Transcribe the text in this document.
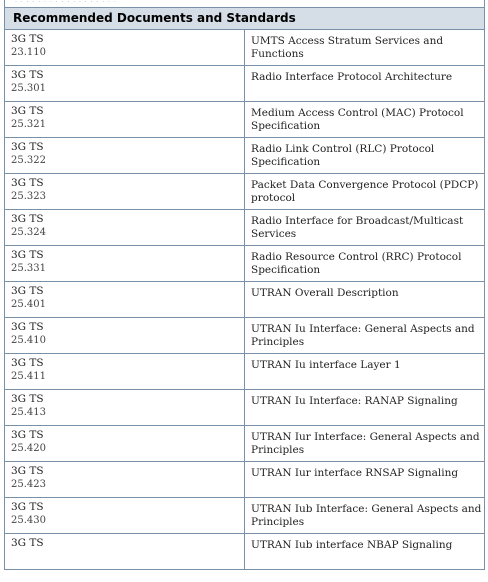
· · · · · · · · · · · · · · · · · ·
Recommended Documents and Standards	

3G TS
23.110	UMTS Access Stratum Services and Functions

3G TS
25.301	Radio Interface Protocol Architecture

3G TS
25.321	Medium Access Control (MAC) Protocol Specification

3G TS
25.322	Radio Link Control (RLC) Protocol Specification

3G TS
25.323	Packet Data Convergence Protocol (PDCP) protocol

3G TS
25.324	Radio Interface for Broadcast/Multicast Services

3G TS
25.331	Radio Resource Control (RRC) Protocol Specification

3G TS
25.401	UTRAN Overall Description

3G TS
25.410	UTRAN Iu Interface: General Aspects and Principles

3G TS
25.411	UTRAN Iu interface Layer 1

3G TS
25.413	UTRAN Iu Interface: RANAP Signaling

3G TS
25.420	UTRAN Iur Interface: General Aspects and Principles

3G TS
25.423	UTRAN Iur interface RNSAP Signaling

3G TS
25.430	UTRAN Iub Interface: General Aspects and Principles

3G TS	UTRAN Iub interface NBAP Signaling
